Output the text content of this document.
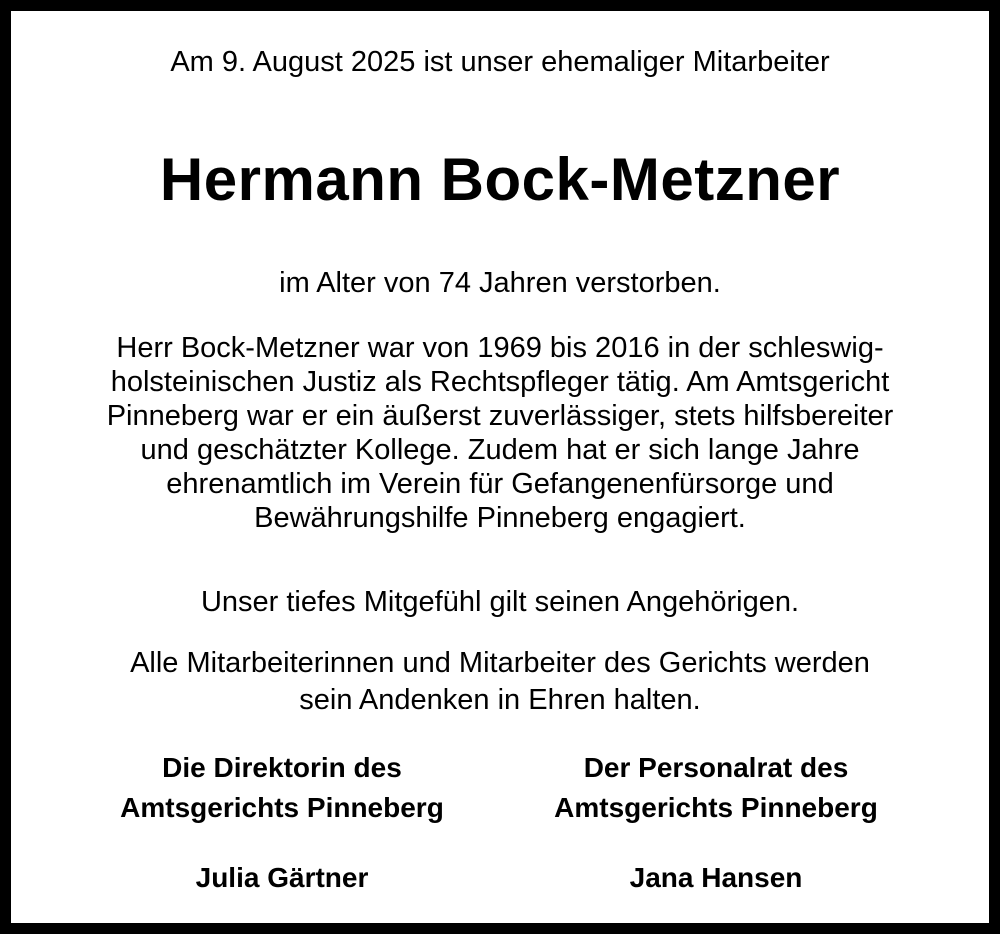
Am 9. August 2025 ist unser ehemaliger Mitarbeiter
Hermann Bock-Metzner
im Alter von 74 Jahren verstorben.
Herr Bock-Metzner war von 1969 bis 2016 in der schleswig-
holsteinischen Justiz als Rechtspfleger tätig. Am Amtsgericht
Pinneberg war er ein äußerst zuverlässiger, stets hilfsbereiter
und geschätzter Kollege. Zudem hat er sich lange Jahre
ehrenamtlich im Verein für Gefangenenfürsorge und
Bewährungshilfe Pinneberg engagiert.
Unser tiefes Mitgefühl gilt seinen Angehörigen.
Alle Mitarbeiterinnen und Mitarbeiter des Gerichts werden
sein Andenken in Ehren halten.
Die Direktorin des
Amtsgerichts Pinneberg
Julia Gärtner
Der Personalrat des
Amtsgerichts Pinneberg
Jana Hansen
